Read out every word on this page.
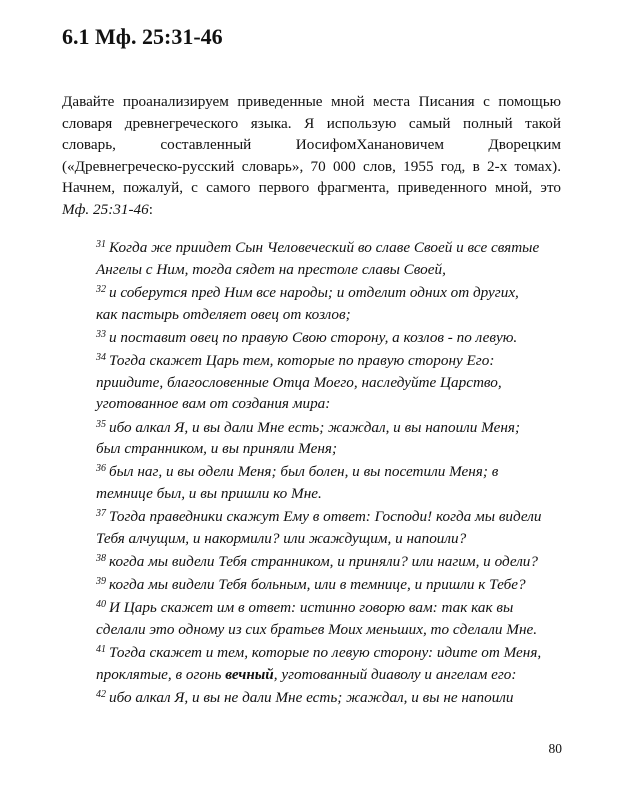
6.1 Мф. 25:31-46
Давайте проанализируем приведенные мной места Писания с помощью
словаря древнегреческого языка. Я использую самый полный такой
словарь, составленный ИосифомХанановичем Дворецким
(«Древнегреческо-русский словарь», 70 000 слов, 1955 год, в 2-х томах).
Начнем, пожалуй, с самого первого фрагмента, приведенного мной, это
Мф. 25:31-46:
$^{31}$ Когда же приидет Сын Человеческий во славе Своей и все святые
Ангелы с Ним, тогда сядет на престоле славы Своей,
$^{32}$ и соберутся пред Ним все народы; и отделит одних от других,
как пастырь отделяет овец от козлов;
$^{33}$ и поставит овец по правую Свою сторону, а козлов - по левую.
$^{34}$ Тогда скажет Царь тем, которые по правую сторону Его:
приидите, благословенные Отца Моего, наследуйте Царство,
уготованное вам от создания мира:
$^{35}$ ибо алкал Я, и вы дали Мне есть; жаждал, и вы напоили Меня;
был странником, и вы приняли Меня;
$^{36}$ был наг, и вы одели Меня; был болен, и вы посетили Меня; в
темнице был, и вы пришли ко Мне.
$^{37}$ Тогда праведники скажут Ему в ответ: Господи! когда мы видели
Тебя алчущим, и накормили? или жаждущим, и напоили?
$^{38}$ когда мы видели Тебя странником, и приняли? или нагим, и одели?
$^{39}$ когда мы видели Тебя больным, или в темнице, и пришли к Тебе?
$^{40}$ И Царь скажет им в ответ: истинно говорю вам: так как вы
сделали это одному из сих братьев Моих меньших, то сделали Мне.
$^{41}$ Тогда скажет и тем, которые по левую сторону: идите от Меня,
проклятые, в огонь вечный, уготованный диаволу и ангелам его:
$^{42}$ ибо алкал Я, и вы не дали Мне есть; жаждал, и вы не напоили
80
